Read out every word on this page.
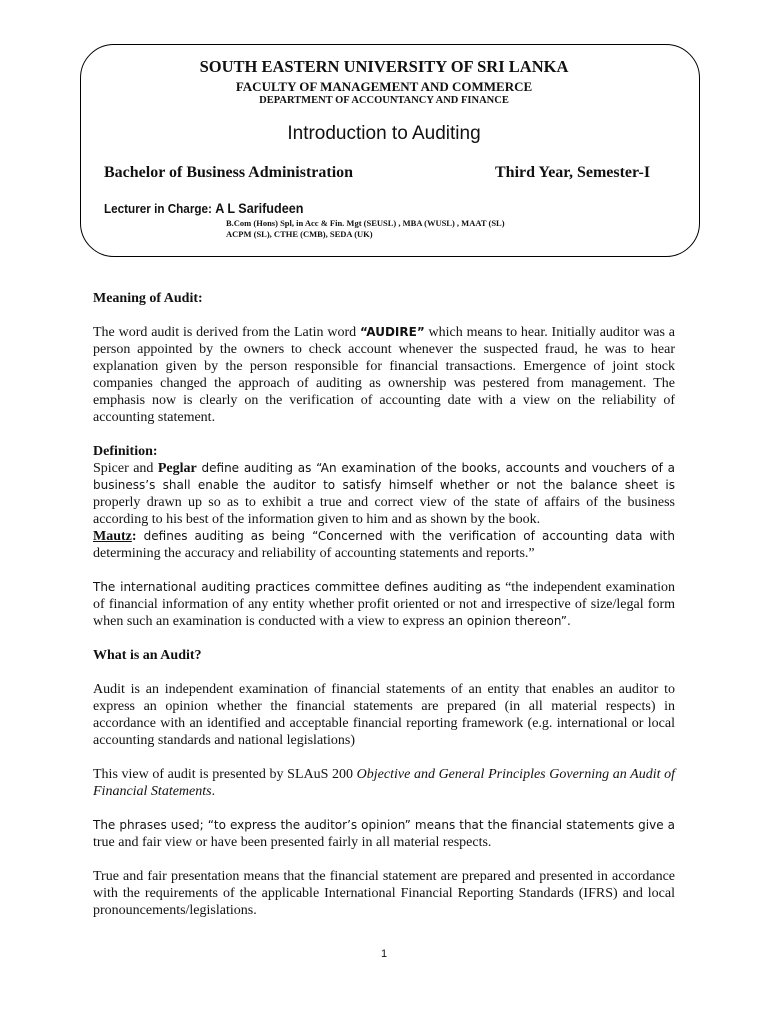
SOUTH EASTERN UNIVERSITY OF SRI LANKA
FACULTY OF MANAGEMENT AND COMMERCE
DEPARTMENT OF ACCOUNTANCY AND FINANCE
Introduction to Auditing
Bachelor of Business Administration	Third Year, Semester-I
Lecturer in Charge: A L Sarifudeen
B.Com (Hons) Spl, in Acc & Fin. Mgt (SEUSL) , MBA (WUSL) , MAAT (SL)
ACPM (SL), CTHE (CMB), SEDA (UK)

Meaning of Audit:

The word audit is derived from the Latin word “AUDIRE” which means to hear. Initially auditor was a person appointed by the owners to check account whenever the suspected fraud, he was to hear explanation given by the person responsible for financial transactions. Emergence of joint stock companies changed the approach of auditing as ownership was pestered from management. The emphasis now is clearly on the verification of accounting date with a view on the reliability of accounting statement.

Definition:

Spicer and Peglar define auditing as “An examination of the books, accounts and vouchers of a business’s shall enable the auditor to satisfy himself whether or not the balance sheet is properly drawn up so as to exhibit a true and correct view of the state of affairs of the business according to his best of the information given to him and as shown by the book.

Mautz: defines auditing as being “Concerned with the verification of accounting data with determining the accuracy and reliability of accounting statements and reports.”

The international auditing practices committee defines auditing as “the independent examination of financial information of any entity whether profit oriented or not and irrespective of size/legal form when such an examination is conducted with a view to express an opinion thereon”.

What is an Audit?

Audit is an independent examination of financial statements of an entity that enables an auditor to express an opinion whether the financial statements are prepared (in all material respects) in accordance with an identified and acceptable financial reporting framework (e.g. international or local accounting standards and national legislations)

This view of audit is presented by SLAuS 200 Objective and General Principles Governing an Audit of Financial Statements.

The phrases used; “to express the auditor’s opinion” means that the financial statements give a true and fair view or have been presented fairly in all material respects.

True and fair presentation means that the financial statement are prepared and presented in accordance with the requirements of the applicable International Financial Reporting Standards (IFRS) and local pronouncements/legislations.

1
